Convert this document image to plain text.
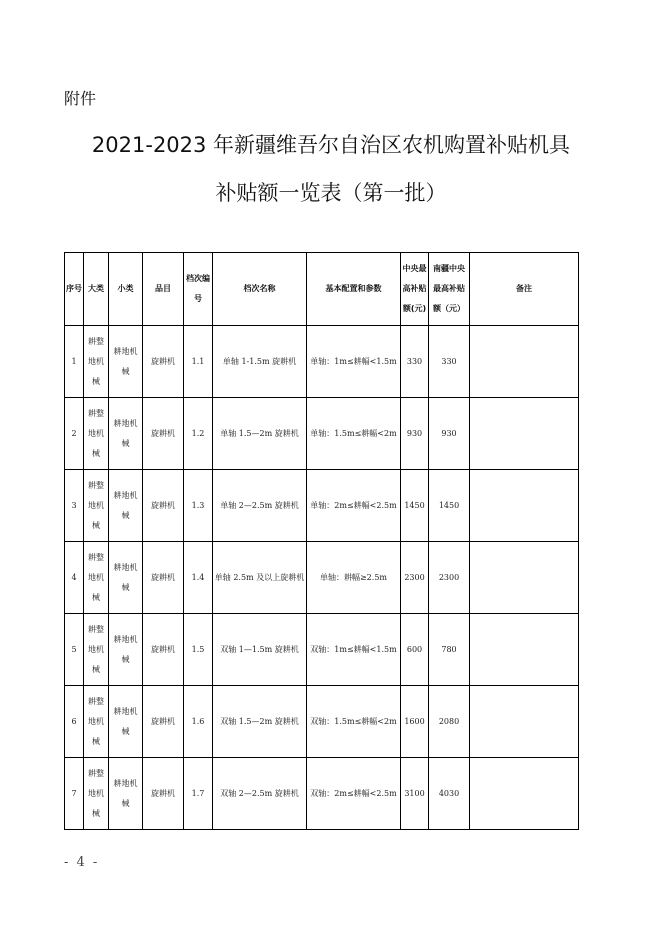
附件
2021-2023 年新疆维吾尔自治区农机购置补贴机具
补贴额一览表（第一批）
序号	大类	小类	品目	档次编号	档次名称	基本配置和参数	中央最高补贴额(元)	南疆中央最高补贴额（元）	备注
1	耕整地机械	耕地机械	旋耕机	1.1	单轴 1-1.5m 旋耕机	单轴：1m≤耕幅<1.5m	330	330	
2	耕整地机械	耕地机械	旋耕机	1.2	单轴 1.5—2m 旋耕机	单轴：1.5m≤耕幅<2m	930	930	
3	耕整地机械	耕地机械	旋耕机	1.3	单轴 2—2.5m 旋耕机	单轴：2m≤耕幅<2.5m	1450	1450	
4	耕整地机械	耕地机械	旋耕机	1.4	单轴 2.5m 及以上旋耕机	单轴：耕幅≥2.5m	2300	2300	
5	耕整地机械	耕地机械	旋耕机	1.5	双轴 1—1.5m 旋耕机	双轴：1m≤耕幅<1.5m	600	780	
6	耕整地机械	耕地机械	旋耕机	1.6	双轴 1.5—2m 旋耕机	双轴：1.5m≤耕幅<2m	1600	2080	
7	耕整地机械	耕地机械	旋耕机	1.7	双轴 2—2.5m 旋耕机	双轴：2m≤耕幅<2.5m	3100	4030	
- 4 -
